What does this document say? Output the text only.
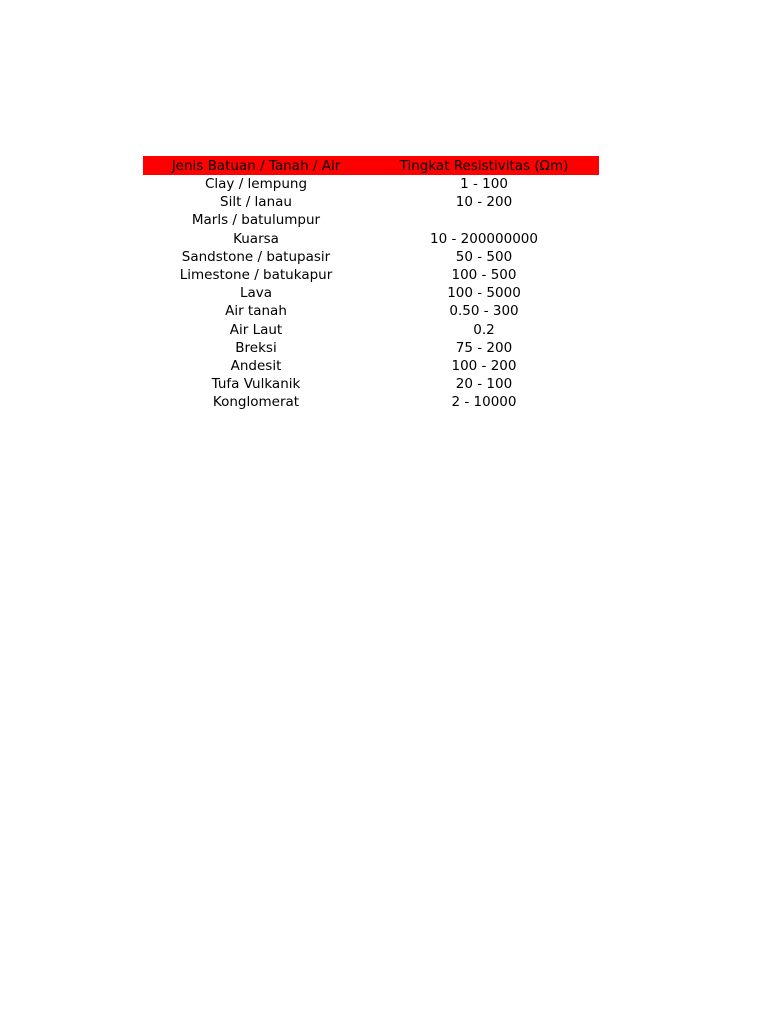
Jenis Batuan / Tanah / Air	Tingkat Resistivitas (Ωm)
Clay / lempung	1 - 100
Silt / lanau	10 - 200
Marls / batulumpur
Kuarsa	10 - 200000000
Sandstone / batupasir	50 - 500
Limestone / batukapur	100 - 500
Lava	100 - 5000
Air tanah	0.50 - 300
Air Laut	0.2
Breksi	75 - 200
Andesit	100 - 200
Tufa Vulkanik	20 - 100
Konglomerat	2 - 10000
